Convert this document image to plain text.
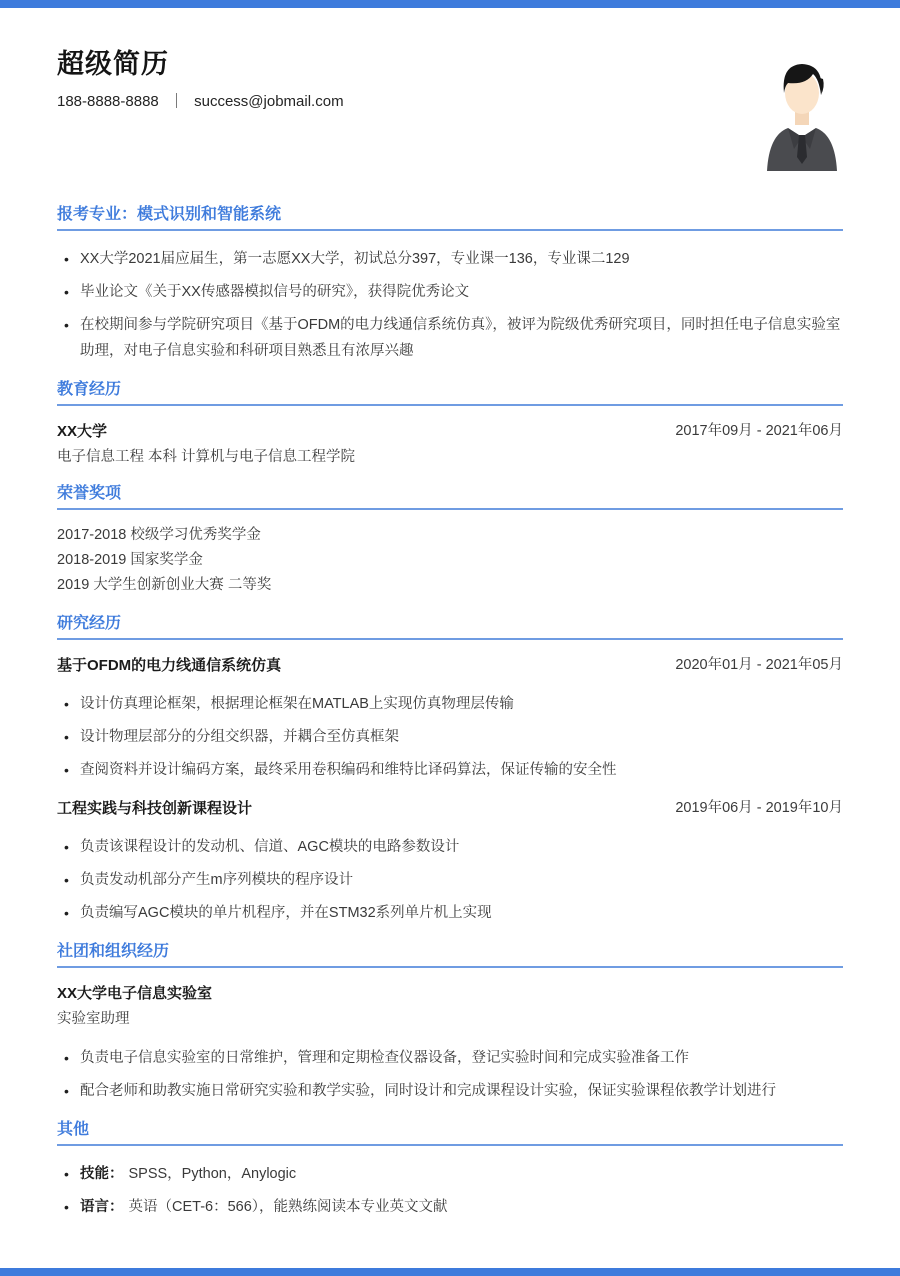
超级简历
188-8888-8888 ｜ success@jobmail.com
报考专业：模式识别和智能系统
• XX大学2021届应届生，第一志愿XX大学，初试总分397，专业课一136，专业课二129
• 毕业论文《关于XX传感器模拟信号的研究》，获得院优秀论文
• 在校期间参与学院研究项目《基于OFDM的电力线通信系统仿真》，被评为院级优秀研究项目，同时担任电子信息实验室助理，对电子信息实验和科研项目熟悉且有浓厚兴趣
教育经历
XX大学	2017年09月 - 2021年06月
电子信息工程 本科 计算机与电子信息工程学院
荣誉奖项

2017-2018 校级学习优秀奖学金

2018-2019 国家奖学金

2019 大学生创新创业大赛 二等奖

研究经历
基于OFDM的电力线通信系统仿真	2020年01月 - 2021年05月
• 设计仿真理论框架，根据理论框架在MATLAB上实现仿真物理层传输
• 设计物理层部分的分组交织器，并耦合至仿真框架
• 查阅资料并设计编码方案，最终采用卷积编码和维特比译码算法，保证传输的安全性
工程实践与科技创新课程设计	2019年06月 - 2019年10月
• 负责该课程设计的发动机、信道、AGC模块的电路参数设计
• 负责发动机部分产生m序列模块的程序设计
• 负责编写AGC模块的单片机程序，并在STM32系列单片机上实现
社团和组织经历
XX大学电子信息实验室
实验室助理
• 负责电子信息实验室的日常维护，管理和定期检查仪器设备，登记实验时间和完成实验准备工作
• 配合老师和助教实施日常研究实验和教学实验，同时设计和完成课程设计实验，保证实验课程依教学计划进行
其他
• 技能： SPSS，Python，Anylogic
• 语言： 英语（CET-6：566），能熟练阅读本专业英文文献
